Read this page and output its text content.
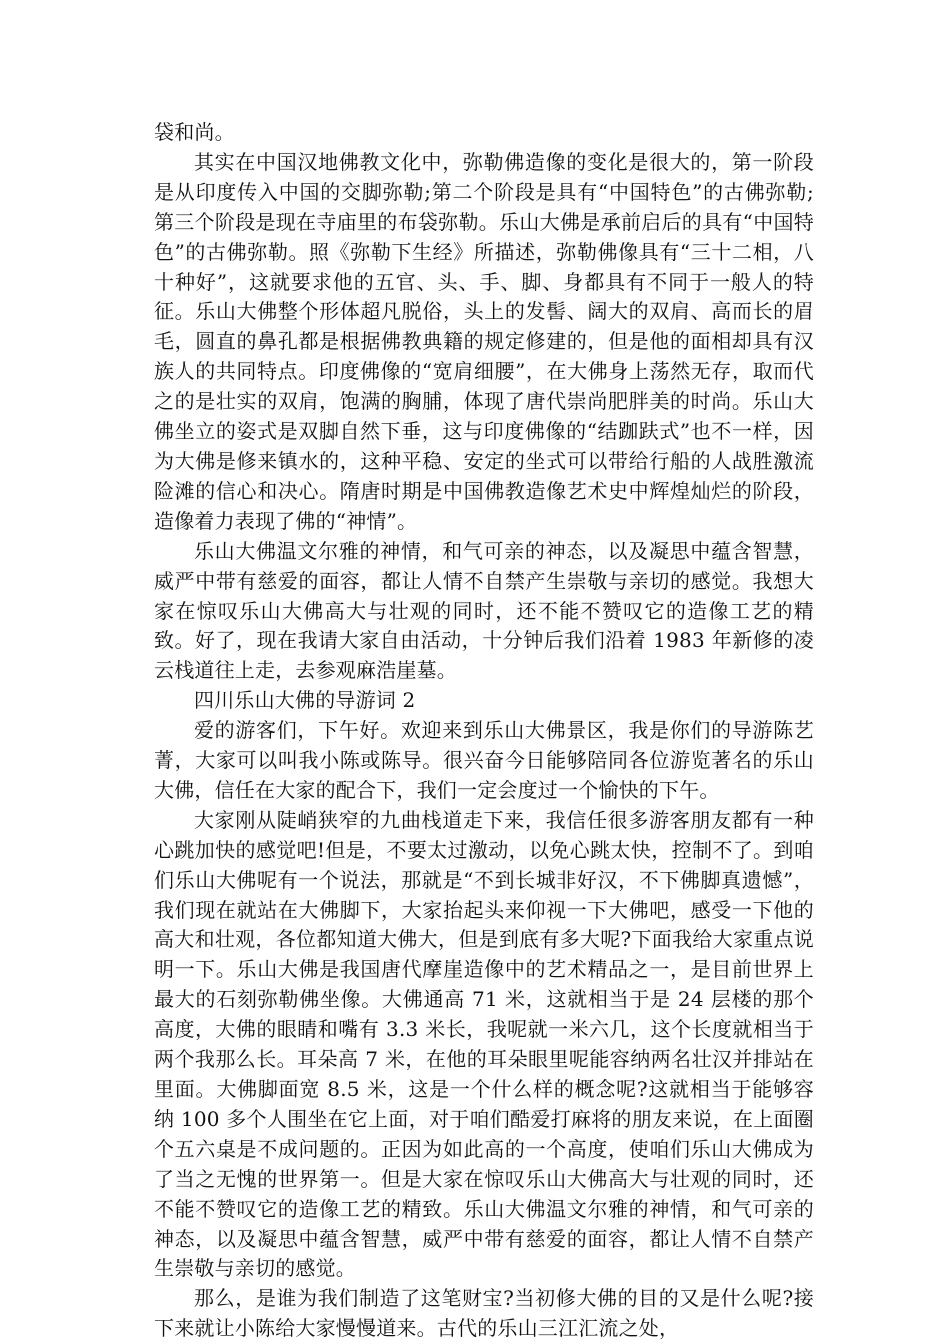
袋和尚。

其实在中国汉地佛教文化中，弥勒佛造像的变化是很大的，第一阶段是从印度传入中国的交脚弥勒;第二个阶段是具有“中国特色”的古佛弥勒;第三个阶段是现在寺庙里的布袋弥勒。乐山大佛是承前启后的具有“中国特色”的古佛弥勒。照《弥勒下生经》所描述，弥勒佛像具有“三十二相，八十种好”，这就要求他的五官、头、手、脚、身都具有不同于一般人的特征。乐山大佛整个形体超凡脱俗，头上的发髻、阔大的双肩、高而长的眉毛，圆直的鼻孔都是根据佛教典籍的规定修建的，但是他的面相却具有汉族人的共同特点。印度佛像的“宽肩细腰”，在大佛身上荡然无存，取而代之的是壮实的双肩，饱满的胸脯，体现了唐代崇尚肥胖美的时尚。乐山大佛坐立的姿式是双脚自然下垂，这与印度佛像的“结跏趺式”也不一样，因为大佛是修来镇水的，这种平稳、安定的坐式可以带给行船的人战胜激流险滩的信心和决心。隋唐时期是中国佛教造像艺术史中辉煌灿烂的阶段，造像着力表现了佛的“神情”。

乐山大佛温文尔雅的神情，和气可亲的神态，以及凝思中蕴含智慧，威严中带有慈爱的面容，都让人情不自禁产生崇敬与亲切的感觉。我想大家在惊叹乐山大佛高大与壮观的同时，还不能不赞叹它的造像工艺的精致。好了，现在我请大家自由活动，十分钟后我们沿着 1983 年新修的凌云栈道往上走，去参观麻浩崖墓。

四川乐山大佛的导游词 2

爱的游客们，下午好。欢迎来到乐山大佛景区，我是你们的导游陈艺菁，大家可以叫我小陈或陈导。很兴奋今日能够陪同各位游览著名的乐山大佛，信任在大家的配合下，我们一定会度过一个愉快的下午。

大家刚从陡峭狭窄的九曲栈道走下来，我信任很多游客朋友都有一种心跳加快的感觉吧!但是，不要太过激动，以免心跳太快，控制不了。到咱们乐山大佛呢有一个说法，那就是“不到长城非好汉，不下佛脚真遗憾”，我们现在就站在大佛脚下，大家抬起头来仰视一下大佛吧，感受一下他的高大和壮观，各位都知道大佛大，但是到底有多大呢?下面我给大家重点说明一下。乐山大佛是我国唐代摩崖造像中的艺术精品之一，是目前世界上最大的石刻弥勒佛坐像。大佛通高 71 米，这就相当于是 24 层楼的那个高度，大佛的眼睛和嘴有 3.3 米长，我呢就一米六几，这个长度就相当于两个我那么长。耳朵高 7 米，在他的耳朵眼里呢能容纳两名壮汉并排站在里面。大佛脚面宽 8.5 米，这是一个什么样的概念呢?这就相当于能够容纳 100 多个人围坐在它上面，对于咱们酷爱打麻将的朋友来说，在上面圈个五六桌是不成问题的。正因为如此高的一个高度，使咱们乐山大佛成为了当之无愧的世界第一。但是大家在惊叹乐山大佛高大与壮观的同时，还不能不赞叹它的造像工艺的精致。乐山大佛温文尔雅的神情，和气可亲的神态，以及凝思中蕴含智慧，威严中带有慈爱的面容，都让人情不自禁产生崇敬与亲切的感觉。

那么，是谁为我们制造了这笔财宝?当初修大佛的目的又是什么呢?接下来就让小陈给大家慢慢道来。古代的乐山三江汇流之处，
